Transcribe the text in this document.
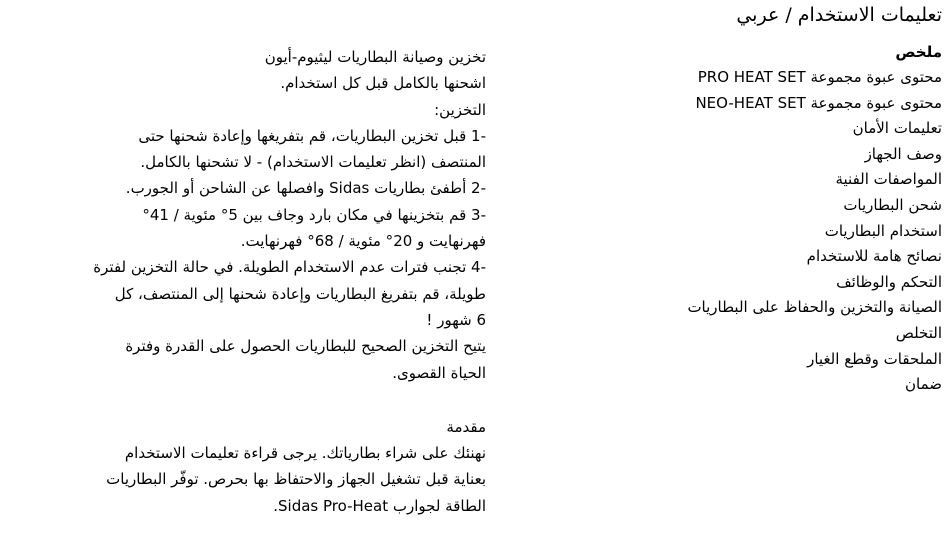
تعليمات الاستخدام / عربي
ملخص
محتوى عبوة مجموعة PRO HEAT SET
محتوى عبوة مجموعة NEO-HEAT SET
تعليمات الأمان
وصف الجهاز
المواصفات الفنية
شحن البطاريات
استخدام البطاريات
نصائح هامة للاستخدام
التحكم والوظائف
الصيانة والتخزين والحفاظ على البطاريات
التخلص
الملحقات وقطع الغيار
ضمان
تخزين وصيانة البطاريات ليثيوم-أيون
اشحنها بالكامل قبل كل استخدام.
التخزين:
-1 قبل تخزين البطاريات، قم بتفريغها وإعادة شحنها حتى
المنتصف (انظر تعليمات الاستخدام) - لا تشحنها بالكامل.
-2 أطفئ بطاريات Sidas وافصلها عن الشاحن أو الجورب.
-3 قم بتخزينها في مكان بارد وجاف بين 5° مئوية / 41°
فهرنهايت و 20° مئوية / 68° فهرنهايت.
-4 تجنب فترات عدم الاستخدام الطويلة. في حالة التخزين لفترة
طويلة، قم بتفريغ البطاريات وإعادة شحنها إلى المنتصف، كل
6 شهور !
يتيح التخزين الصحيح للبطاريات الحصول على القدرة وفترة
الحياة القصوى.
مقدمة
نهنئك على شراء بطارياتك. يرجى قراءة تعليمات الاستخدام
بعناية قبل تشغيل الجهاز والاحتفاظ بها بحرص. توفّر البطاريات
الطاقة لجوارب Sidas Pro-Heat.
